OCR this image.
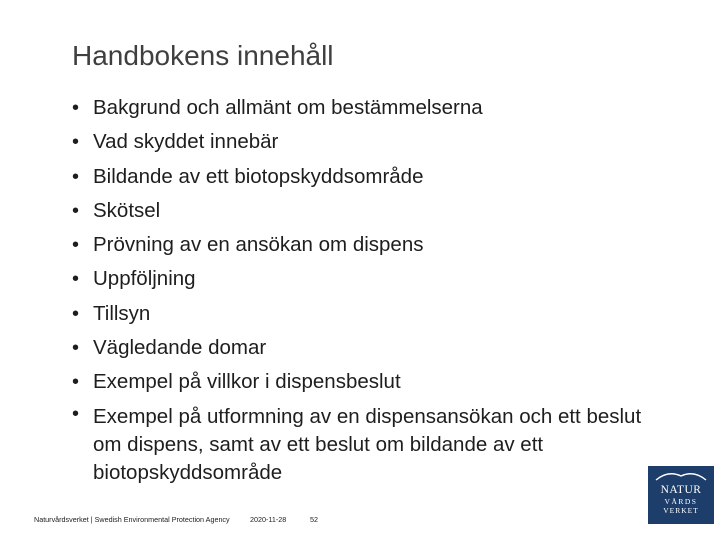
Handbokens innehåll
• Bakgrund och allmänt om bestämmelserna
• Vad skyddet innebär
• Bildande av ett biotopskyddsområde
• Skötsel
• Prövning av en ansökan om dispens
• Uppföljning
• Tillsyn
• Vägledande domar
• Exempel på villkor i dispensbeslut
• Exempel på utformning av en dispensansökan och ett beslut om dispens, samt av ett beslut om bildande av ett biotopskyddsområde
Naturvårdsverket | Swedish Environmental Protection Agency	2020-11-28	52
NATUR
VÅRDS
VERKET
